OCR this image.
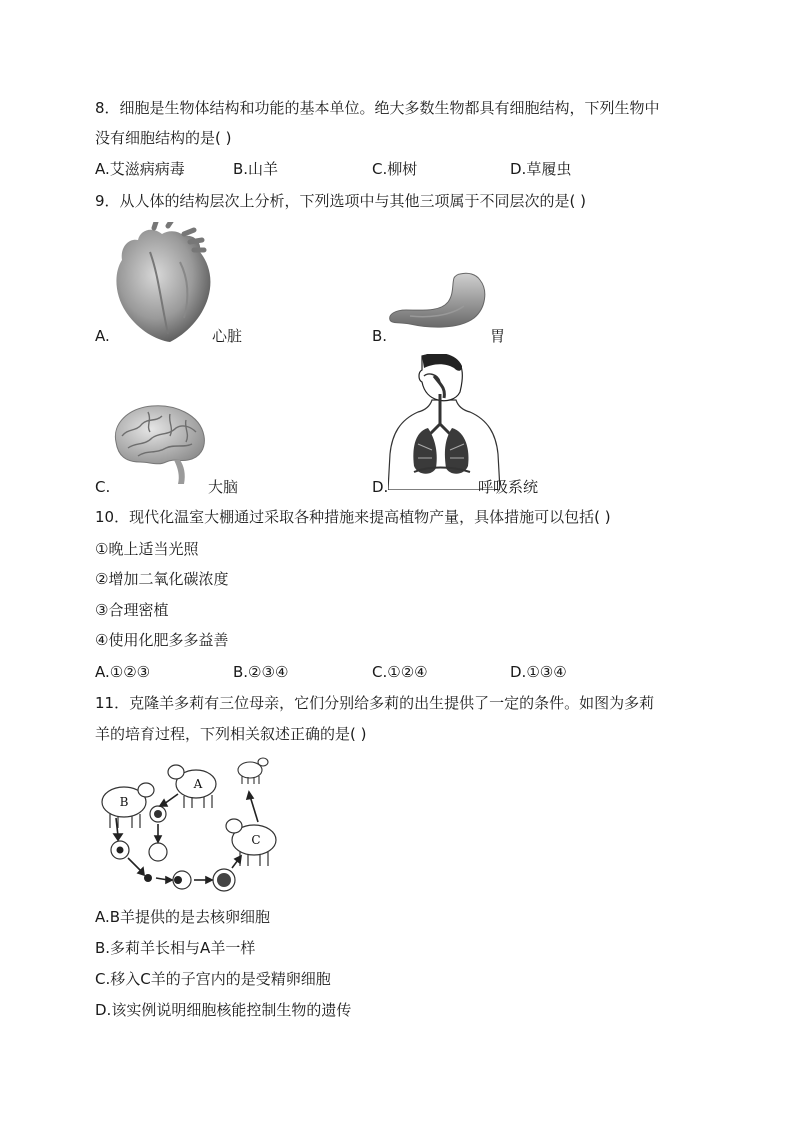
8．细胞是生物体结构和功能的基本单位。绝大多数生物都具有细胞结构，下列生物中
没有细胞结构的是( )
A.艾滋病病毒	B.山羊	C.柳树	D.草履虫
9．从人体的结构层次上分析，下列选项中与其他三项属于不同层次的是( )
A.	心脏	B.	胃
C.	大脑	D.	呼吸系统
10．现代化温室大棚通过采取各种措施来提高植物产量，具体措施可以包括( )
①晚上适当光照
②增加二氧化碳浓度
③合理密植
④使用化肥多多益善
A.①②③	B.②③④	C.①②④	D.①③④
11．克隆羊多莉有三位母亲，它们分别给多莉的出生提供了一定的条件。如图为多莉
羊的培育过程，下列相关叙述正确的是( )
B
A
C
A.B羊提供的是去核卵细胞
B.多莉羊长相与A羊一样
C.移入C羊的子宫内的是受精卵细胞
D.该实例说明细胞核能控制生物的遗传
